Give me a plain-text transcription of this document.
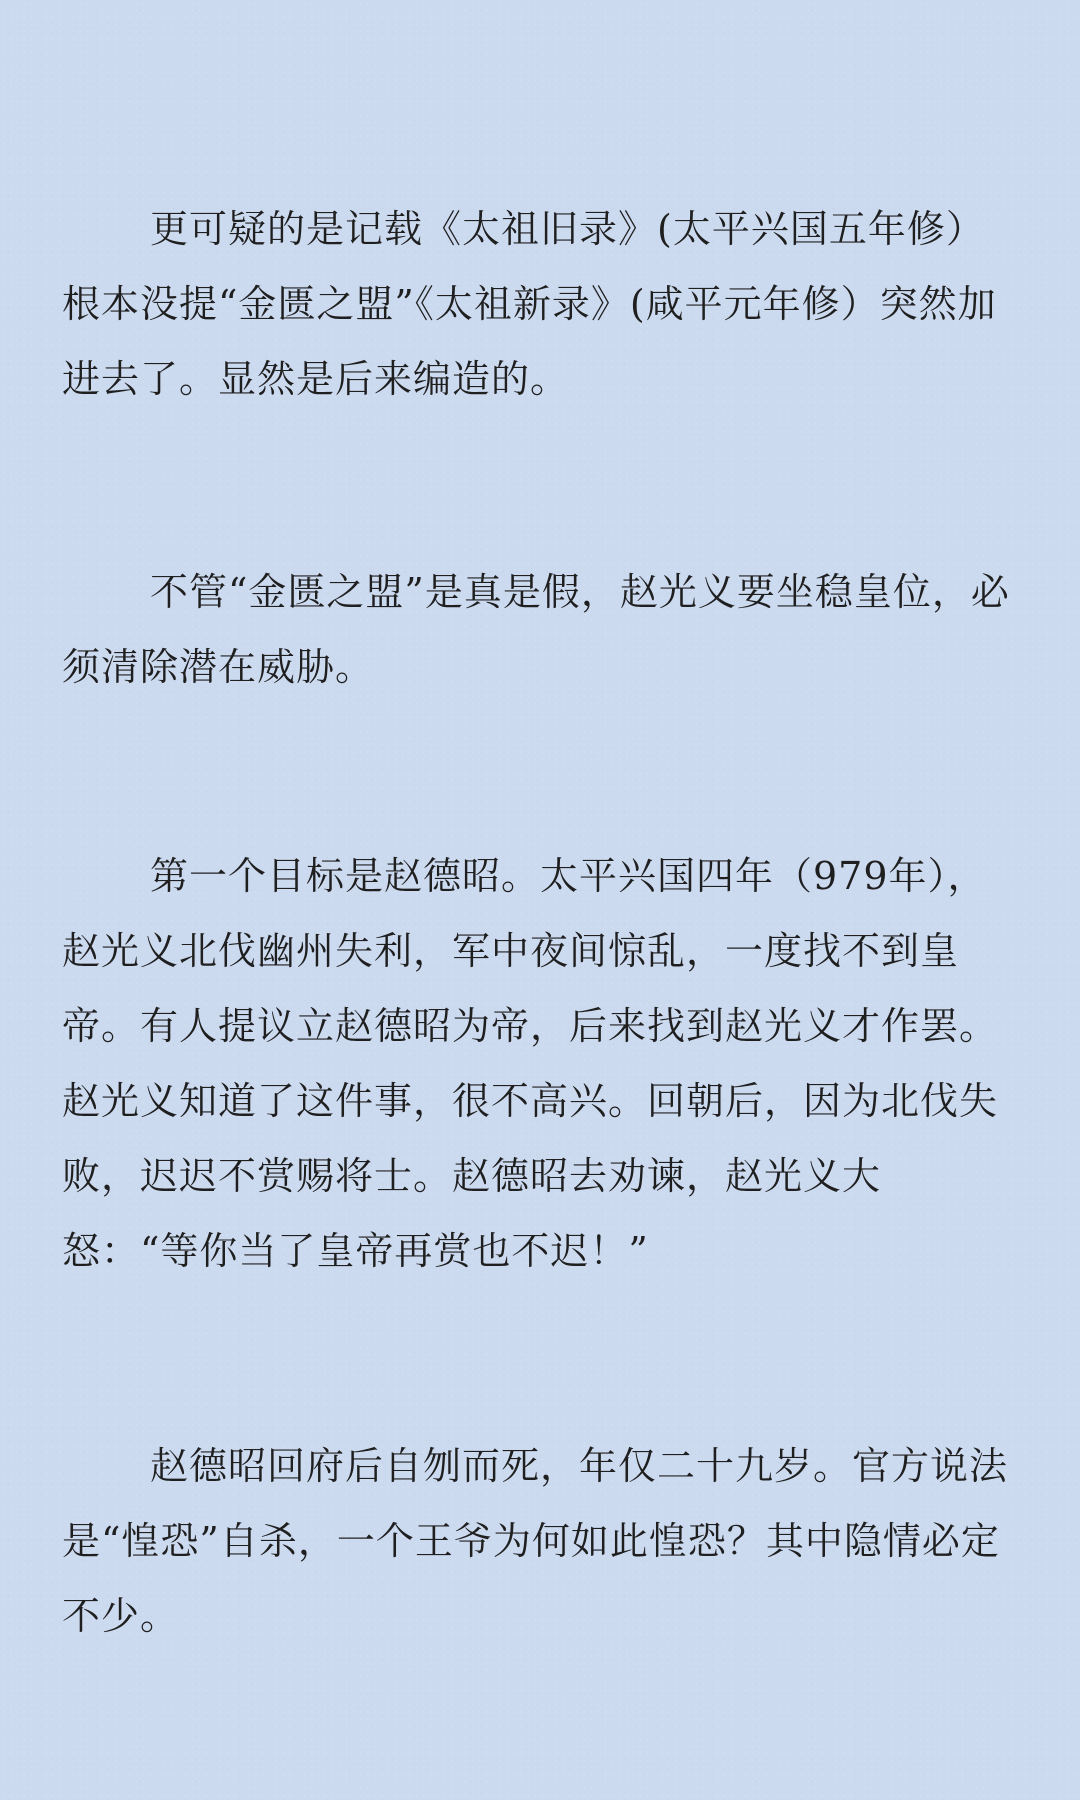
更可疑的是记载《太祖旧录》(太平兴国五年修）根本没提“金匮之盟”《太祖新录》(咸平元年修）突然加进去了。显然是后来编造的。

不管“金匮之盟”是真是假，赵光义要坐稳皇位，必须清除潜在威胁。

第一个目标是赵德昭。太平兴国四年（979年），赵光义北伐幽州失利，军中夜间惊乱，一度找不到皇帝。有人提议立赵德昭为帝，后来找到赵光义才作罢。赵光义知道了这件事，很不高兴。回朝后，因为北伐失败，迟迟不赏赐将士。赵德昭去劝谏，赵光义大怒：“等你当了皇帝再赏也不迟！”

赵德昭回府后自刎而死，年仅二十九岁。官方说法是“惶恐”自杀，一个王爷为何如此惶恐？其中隐情必定不少。
